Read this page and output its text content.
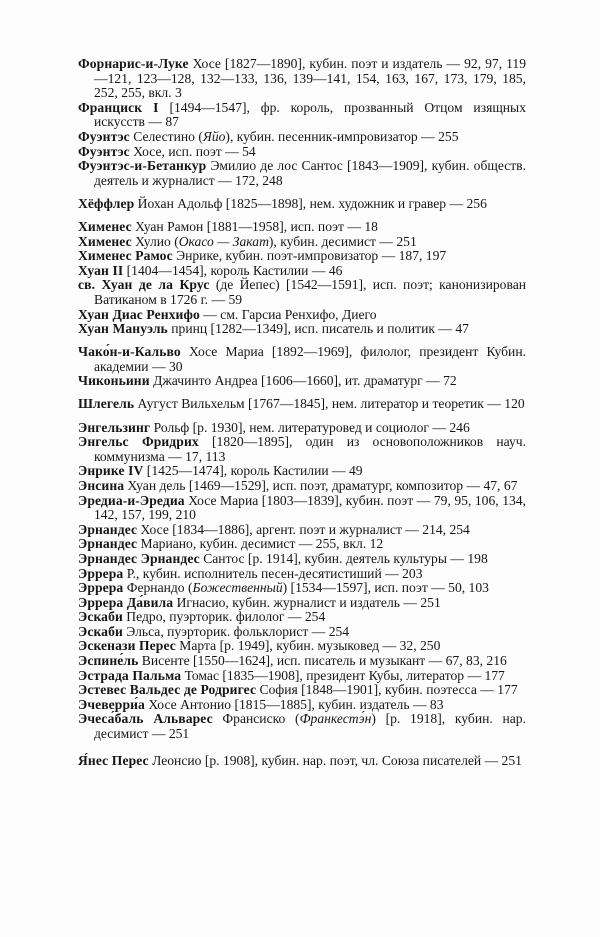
Форнарис-и-Луке Хосе [1827—1890], кубин. поэт и издатель — 92, 97, 119—121, 123—128, 132—133, 136, 139—141, 154, 163, 167, 173, 179, 185, 252, 255, вкл. 3

Франциск I [1494—1547], фр. король, прозванный Отцом изящных искусств — 87

Фуэнтэс Селестино (Яйо), кубин. песенник-импровизатор — 255

Фуэнтэс Хосе, исп. поэт — 54

Фуэнтэс-и-Бетанкур Эмилио де лос Сантос [1843—1909], кубин. обществ. деятель и журналист — 172, 248

Хёффлер Йохан Адольф [1825—1898], нем. художник и гравер — 256

Хименес Хуан Рамон [1881—1958], исп. поэт — 18

Хименес Хулио (Окасо — Закат), кубин. десимист — 251

Хименес Рамос Энрике, кубин. поэт-импровизатор — 187, 197

Хуан II [1404—1454], король Кастилии — 46

св. Хуан де ла Крус (де Йепес) [1542—1591], исп. поэт; канонизирован Ватиканом в 1726 г. — 59

Хуан Диас Ренхифо — см. Гарсиа Ренхифо, Диего

Хуан Мануэль принц [1282—1349], исп. писатель и политик — 47

Чако́н-и-Кальво Хосе Мариа [1892—1969], филолог, президент Кубин. академии — 30

Чиконьини Джачинто Андреа [1606—1660], ит. драматург — 72

Шлегель Аугуст Вильхельм [1767—1845], нем. литератор и теоретик — 120

Энгельзинг Рольф [р. 1930], нем. литературовед и социолог — 246

Энгельс Фридрих [1820—1895], один из основоположников науч. коммунизма — 17, 113

Энрике IV [1425—1474], король Кастилии — 49

Энсина Хуан дель [1469—1529], исп. поэт, драматург, композитор — 47, 67

Эредиа-и-Эредиа Хосе Мариа [1803—1839], кубин. поэт — 79, 95, 106, 134, 142, 157, 199, 210

Эрнандес Хосе [1834—1886], аргент. поэт и журналист — 214, 254

Эрнандес Мариано, кубин. десимист — 255, вкл. 12

Эрнандес Эрнандес Сантос [р. 1914], кубин. деятель культуры — 198

Эррера Р., кубин. исполнитель песен-десятистиший — 203

Эррера Фернандо (Божественный) [1534—1597], исп. поэт — 50, 103

Эррера Да́вила Игнасио, кубин. журналист и издатель — 251

Эскаби Педро, пуэрторик. филолог — 254

Эскаби Эльса, пуэрторик. фольклорист — 254

Эскенази Перес Марта [р. 1949], кубин. музыковед — 32, 250

Эспине́ль Висенте [1550—1624], исп. писатель и музыкант — 67, 83, 216

Эстрада Пальма Томас [1835—1908], президент Кубы, литератор — 177

Эстевес Вальдес де Родригес София [1848—1901], кубин. поэтесса — 177

Эчеверри́а Хосе Антонио [1815—1885], кубин. издатель — 83

Эчеса́баль Альварес Франсиско (Франкестэ́н) [р. 1918], кубин. нар. десимист — 251

Я́нес Перес Леонсио [р. 1908], кубин. нар. поэт, чл. Союза писателей — 251
